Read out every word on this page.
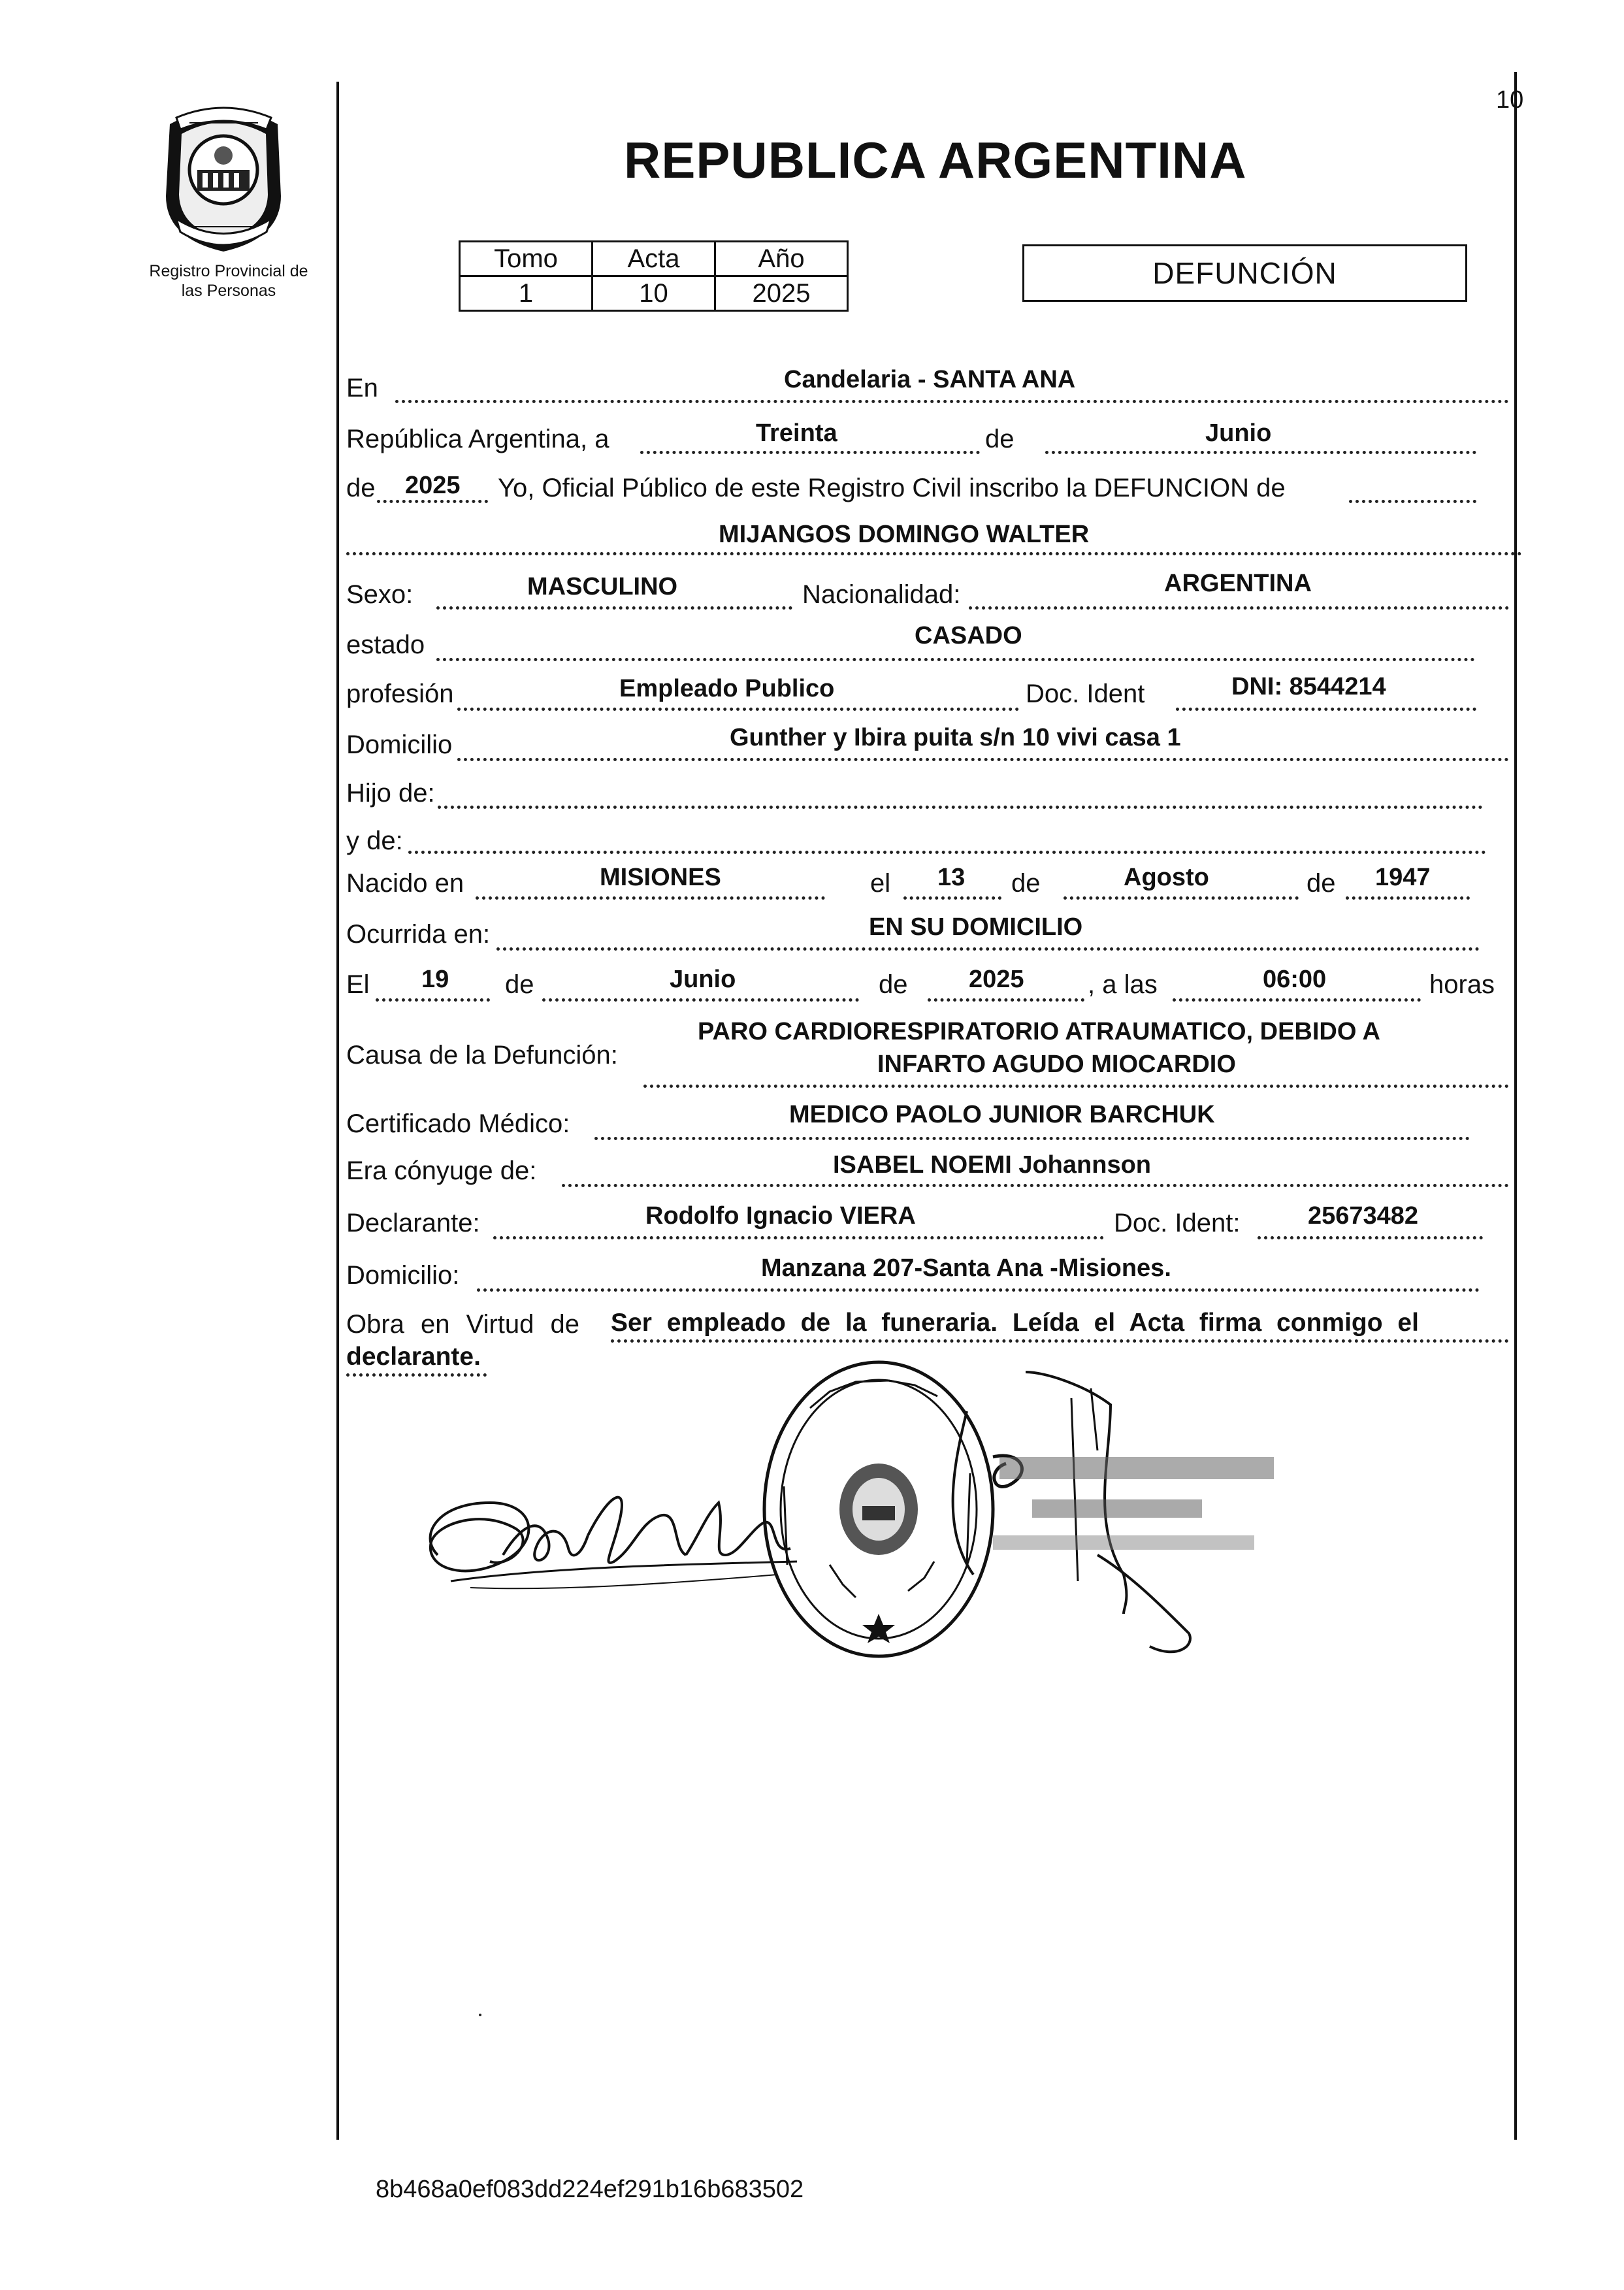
Registro Provincial de
las Personas
10
REPUBLICA ARGENTINA
Tomo	Acta	Año
1	10	2025
DEFUNCIÓN
En	Candelaria - SANTA ANA
República Argentina, a	Treinta	de	Junio
de 2025 Yo, Oficial Público de este Registro Civil inscribo la DEFUNCION de
MIJANGOS DOMINGO WALTER
Sexo:	MASCULINO	Nacionalidad:	ARGENTINA
estado	CASADO
profesión	Empleado Publico	Doc. Ident	DNI: 8544214
Domicilio	Gunther y Ibira puita s/n 10 vivi casa 1
Hijo de:
y de:
Nacido en	MISIONES	el 13 de	Agosto	de 1947
Ocurrida en:	EN SU DOMICILIO
El 19 de	Junio	de 2025 , a las	06:00	horas
Causa de la Defunción:
PARO CARDIORESPIRATORIO ATRAUMATICO, DEBIDO A
INFARTO AGUDO MIOCARDIO
Certificado Médico:	MEDICO PAOLO JUNIOR BARCHUK
Era cónyuge de:	ISABEL NOEMI Johannson
Declarante:	Rodolfo Ignacio VIERA	Doc. Ident:	25673482
Domicilio:	Manzana 207-Santa Ana -Misiones.
Obra en Virtud de Ser empleado de la funeraria. Leída el Acta firma conmigo el
declarante.
8b468a0ef083dd224ef291b16b683502
